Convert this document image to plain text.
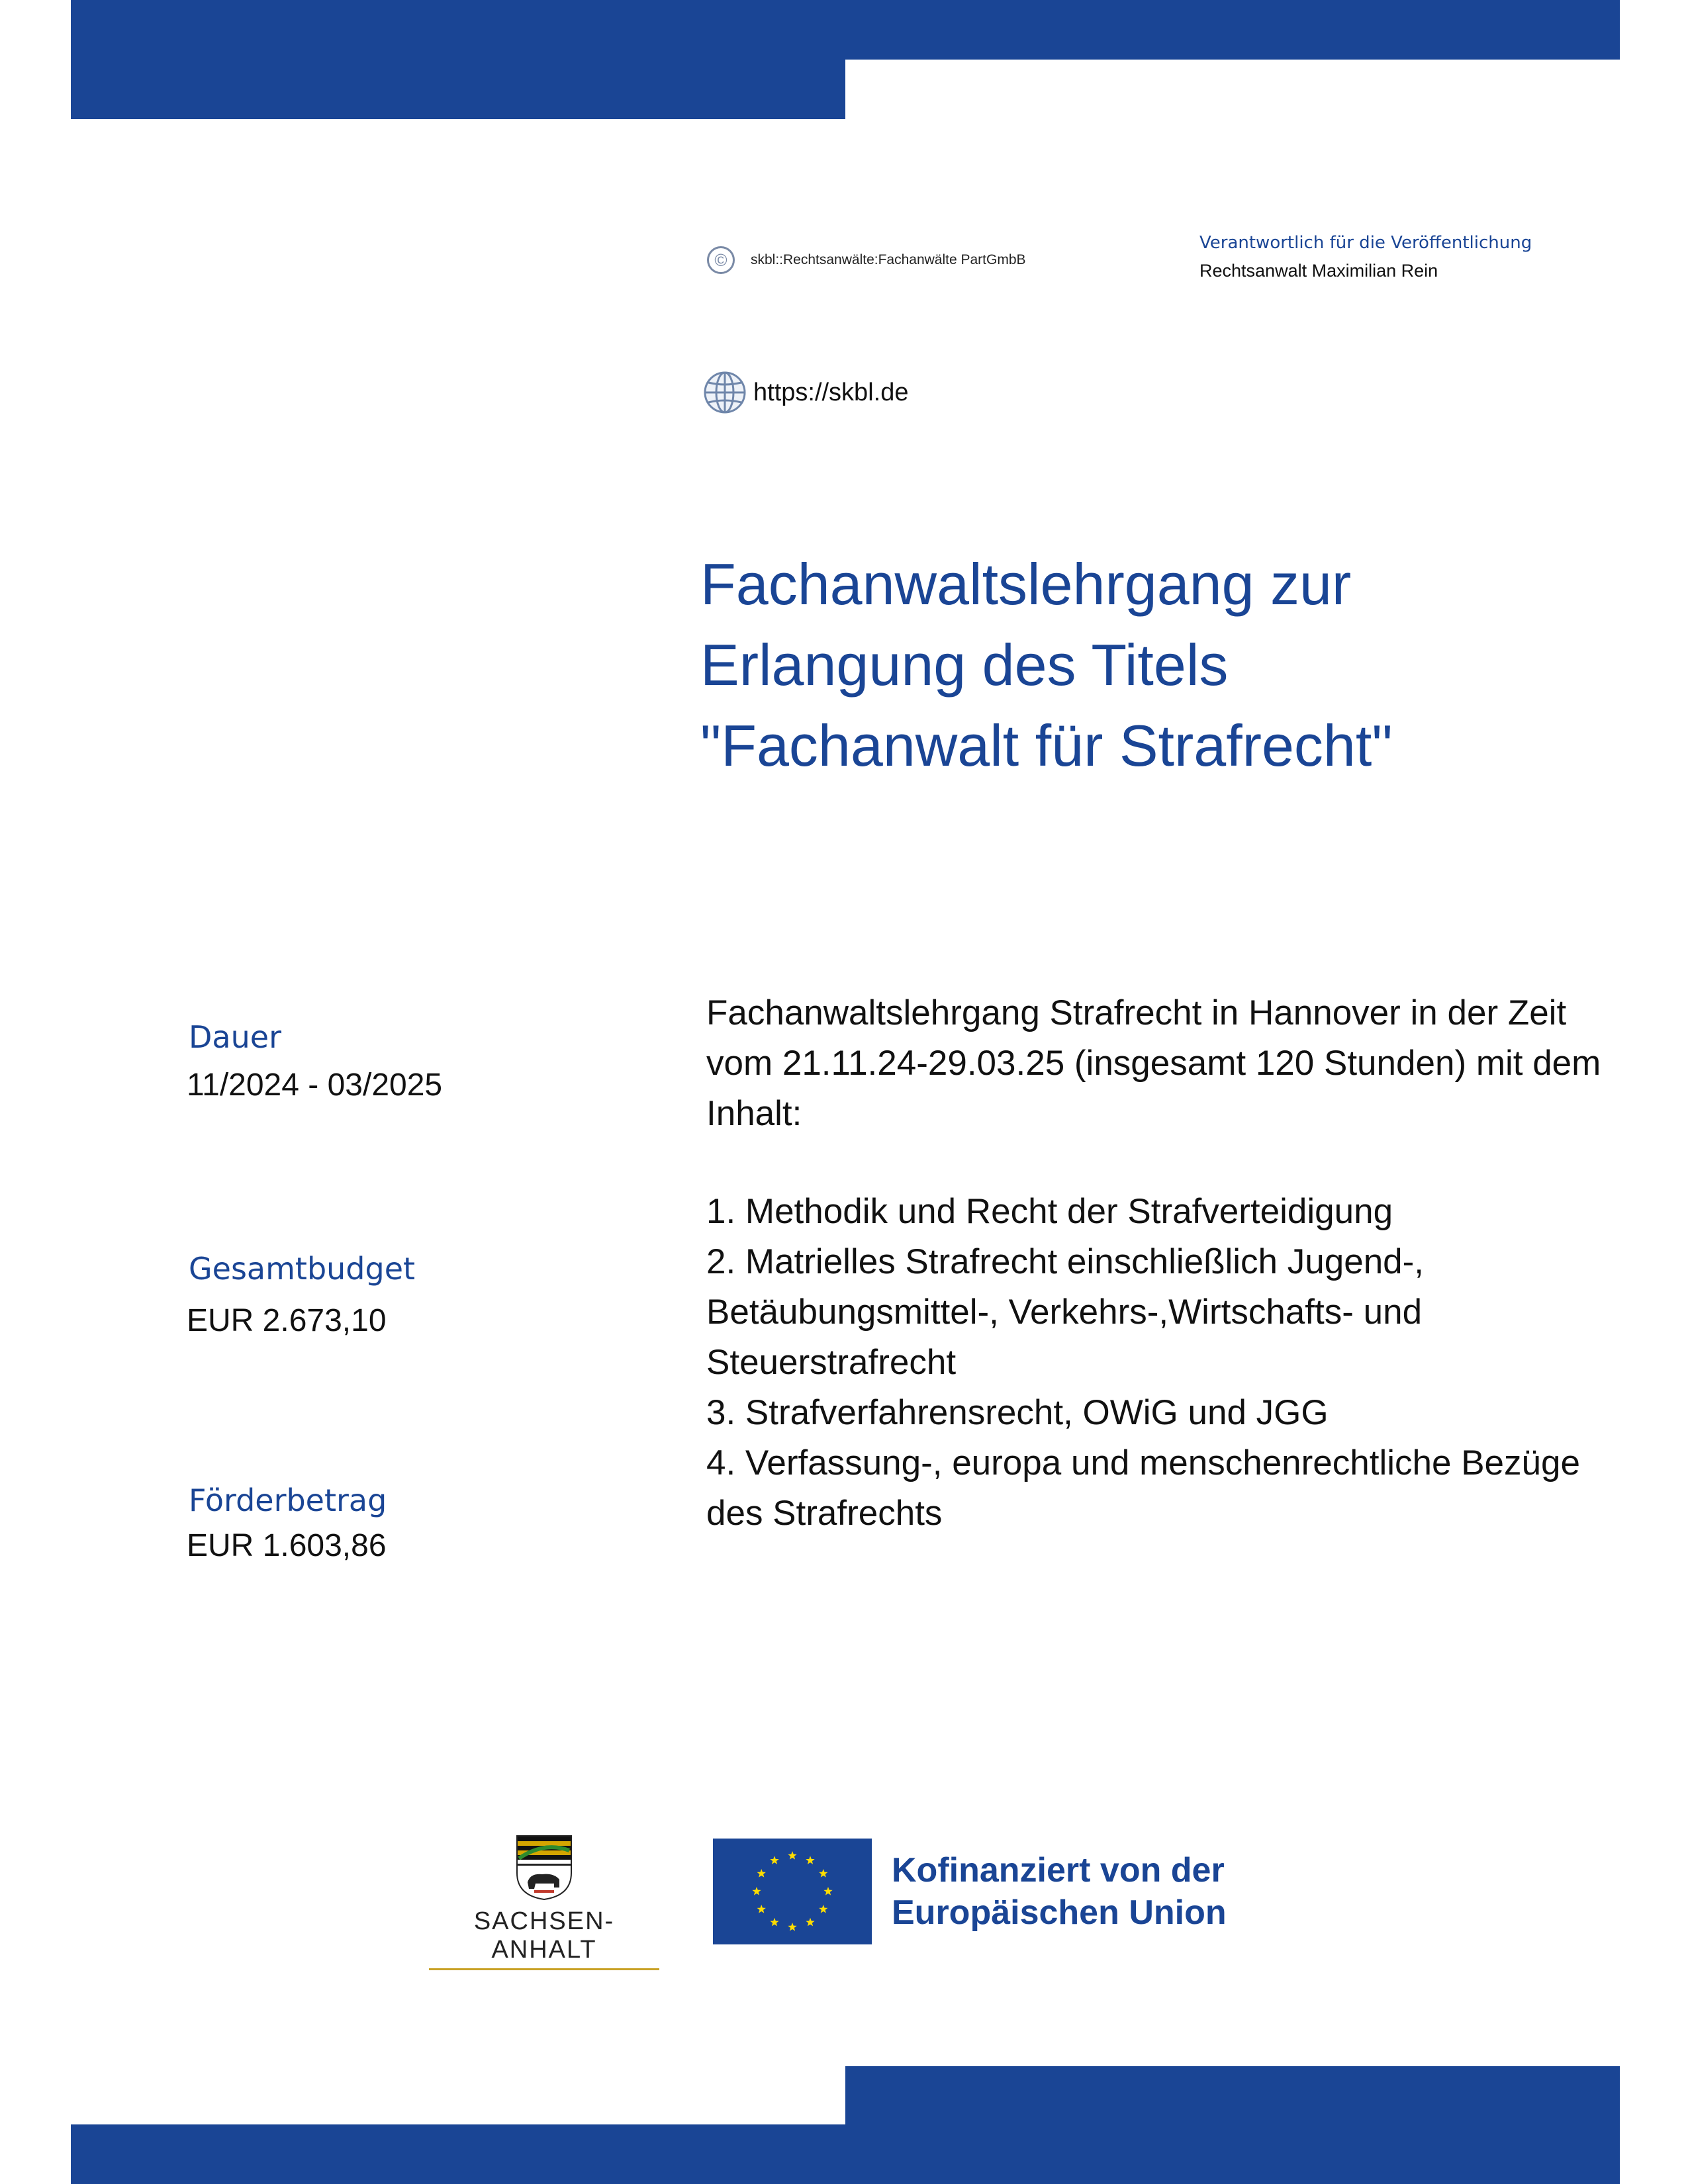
©	skbl::Rechtsanwälte:Fachanwälte PartGmbB
Verantwortlich für die Veröffentlichung
Rechtsanwalt Maximilian Rein
https://skbl.de
Fachanwaltslehrgang zur
Erlangung des Titels
"Fachanwalt für Strafrecht"
Dauer
11/2024 - 03/2025
Gesamtbudget
EUR 2.673,10
Förderbetrag
EUR 1.603,86

Fachanwaltslehrgang Strafrecht in Hannover in der Zeit vom 21.11.24-29.03.25 (insgesamt 120 Stunden) mit dem Inhalt:

1. Methodik und Recht der Strafverteidigung

2. Matrielles Strafrecht einschließlich Jugend-, Betäubungsmittel-, Verkehrs-,Wirtschafts- und Steuerstrafrecht

3. Strafverfahrensrecht, OWiG und JGG

4. Verfassung-, europa und menschenrechtliche Bezüge des Strafrechts

SACHSEN-ANHALT
Kofinanziert von der
Europäischen Union
